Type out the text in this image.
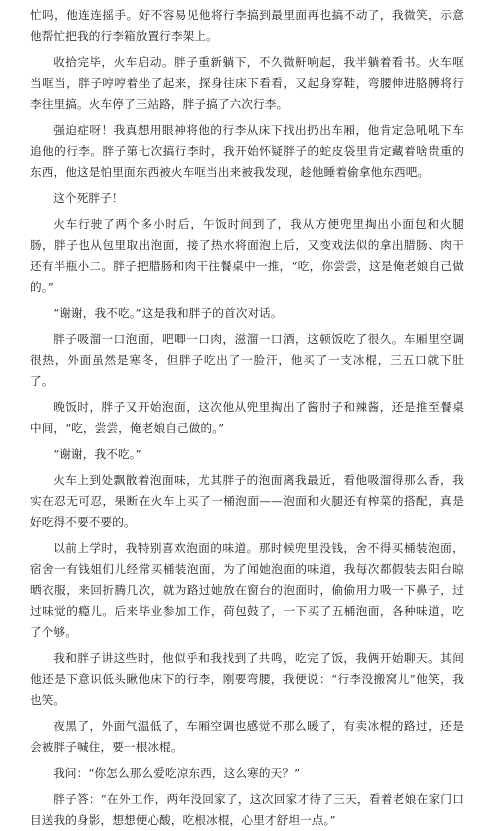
忙吗，他连连摇手。好不容易见他将行李搞到最里面再也搞不动了，我微笑，示意他帮忙把我的行李箱放置行李架上。

收拾完毕，火车启动。胖子重新躺下，不久微鼾响起，我半躺着看书。火车哐当哐当，胖子哼哼着坐了起来，探身往床下看看，又起身穿鞋，弯腰伸进胳膊将行李往里搞。火车停了三站路，胖子搞了六次行李。

强迫症呀！我真想用眼神将他的行李从床下找出扔出车厢，他肯定急吼吼下车追他的行李。胖子第七次搞行李时，我开始怀疑胖子的蛇皮袋里肯定藏着啥贵重的东西，他这是怕里面东西被火车哐当出来被我发现，趁他睡着偷拿他东西吧。

这个死胖子！

火车行驶了两个多小时后，午饭时间到了，我从方便兜里掏出小面包和火腿肠，胖子也从包里取出泡面，接了热水将面泡上后，又变戏法似的拿出腊肠、肉干还有半瓶小二。胖子把腊肠和肉干往餐桌中一推，“吃，你尝尝，这是俺老娘自己做的。”

“谢谢，我不吃。”这是我和胖子的首次对话。

胖子吸溜一口泡面，吧唧一口肉，滋溜一口酒，这顿饭吃了很久。车厢里空调很热，外面虽然是寒冬，但胖子吃出了一脸汗，他买了一支冰棍，三五口就下肚了。

晚饭时，胖子又开始泡面，这次他从兜里掏出了酱肘子和辣酱，还是推至餐桌中间，“吃，尝尝，俺老娘自己做的。”

“谢谢，我不吃。”

火车上到处飘散着泡面味，尤其胖子的泡面离我最近，看他吸溜得那么香，我实在忍无可忍，果断在火车上买了一桶泡面——泡面和火腿还有榨菜的搭配，真是好吃得不要不要的。

以前上学时，我特别喜欢泡面的味道。那时候兜里没钱，舍不得买桶装泡面，宿舍一有钱姐们儿经常买桶装泡面，为了闻她泡面的味道，我每次都假装去阳台晾晒衣服，来回折腾几次，就为路过她放在窗台的泡面时，偷偷用力吸一下鼻子，过过味觉的瘾儿。后来毕业参加工作，荷包鼓了，一下买了五桶泡面，各种味道，吃了个够。

我和胖子讲这些时，他似乎和我找到了共鸣，吃完了饭，我俩开始聊天。其间他还是下意识低头瞅他床下的行李，刚要弯腰，我便说：“行李没搬窝儿”他笑，我也笑。

夜黑了，外面气温低了，车厢空调也感觉不那么暖了，有卖冰棍的路过，还是会被胖子喊住，要一根冰棍。

我问：“你怎么那么爱吃凉东西，这么寒的天？”

胖子答：“在外工作，两年没回家了，这次回家才待了三天，看着老娘在家门口目送我的身影，想想便心酸，吃根冰棍，心里才舒坦一点。”
